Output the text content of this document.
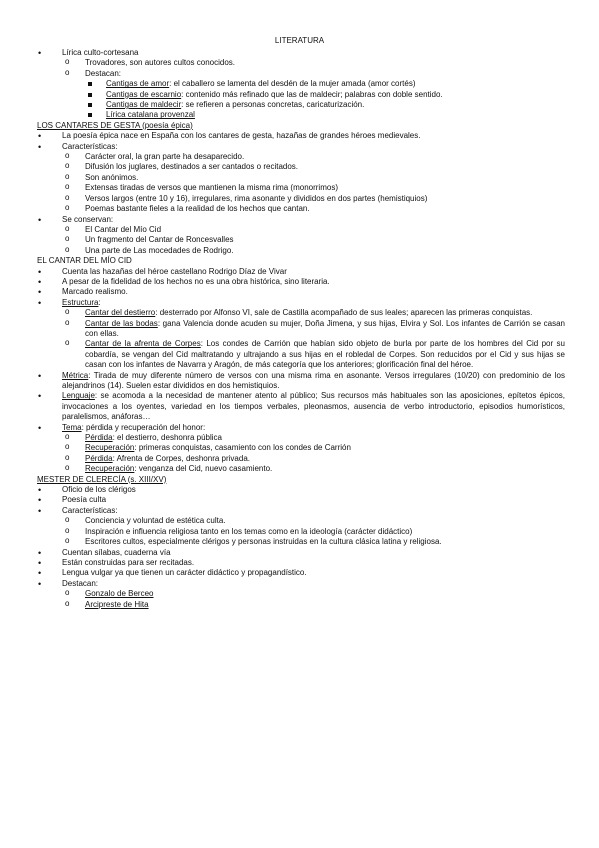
LITERATURA
• Lírica culto-cortesana
o Trovadores, son autores cultos conocidos.
o Destacan:
Cantigas de amor: el caballero se lamenta del desdén de la mujer amada (amor cortés)
Cantigas de escarnio: contenido más refinado que las de maldecir; palabras con doble sentido.
Cantigas de maldecir: se refieren a personas concretas, caricaturización.
Lírica catalana provenzal
LOS CANTARES DE GESTA (poesía épica)
• La poesía épica nace en España con los cantares de gesta, hazañas de grandes héroes medievales.
• Características:
o Carácter oral, la gran parte ha desaparecido.
o Difusión los juglares, destinados a ser cantados o recitados.
o Son anónimos.
o Extensas tiradas de versos que mantienen la misma rima (monorrimos)
o Versos largos (entre 10 y 16), irregulares, rima asonante y divididos en dos partes (hemistiquios)
o Poemas bastante fieles a la realidad de los hechos que cantan.
• Se conservan:
o El Cantar del Mío Cid
o Un fragmento del Cantar de Roncesvalles
o Una parte de Las mocedades de Rodrigo.
EL CANTAR DEL MÍO CID
• Cuenta las hazañas del héroe castellano Rodrigo Díaz de Vivar
• A pesar de la fidelidad de los hechos no es una obra histórica, sino literaria.
• Marcado realismo.
• Estructura:
o Cantar del destierro: desterrado por Alfonso VI, sale de Castilla acompañado de sus leales; aparecen las primeras conquistas.
o Cantar de las bodas: gana Valencia donde acuden su mujer, Doña Jimena, y sus hijas, Elvira y Sol. Los infantes de Carrión se casan con ellas.
o Cantar de la afrenta de Corpes: Los condes de Carrión que habían sido objeto de burla por parte de los hombres del Cid por su cobardía, se vengan del Cid maltratando y ultrajando a sus hijas en el robledal de Corpes. Son reducidos por el Cid y sus hijas se casan con los infantes de Navarra y Aragón, de más categoría que los anteriores; glorificación final del héroe.
• Métrica: Tirada de muy diferente número de versos con una misma rima en asonante. Versos irregulares (10/20) con predominio de los alejandrinos (14). Suelen estar divididos en dos hemistiquios.
• Lenguaje: se acomoda a la necesidad de mantener atento al público; Sus recursos más habituales son las aposiciones, epítetos épicos, invocaciones a los oyentes, variedad en los tiempos verbales, pleonasmos, ausencia de verbo introductorio, episodios humorísticos, paralelismos, anáforas…
• Tema: pérdida y recuperación del honor:
o Pérdida: el destierro, deshonra pública
o Recuperación: primeras conquistas, casamiento con los condes de Carrión
o Pérdida: Afrenta de Corpes, deshonra privada.
o Recuperación: venganza del Cid, nuevo casamiento.
MESTER DE CLERECÍA (s. XIII/XV)
• Oficio de los clérigos
• Poesía culta
• Características:
o Conciencia y voluntad de estética culta.
o Inspiración e influencia religiosa tanto en los temas como en la ideología (carácter didáctico)
o Escritores cultos, especialmente clérigos y personas instruidas en la cultura clásica latina y religiosa.
• Cuentan sílabas, cuaderna vía
• Están construidas para ser recitadas.
• Lengua vulgar ya que tienen un carácter didáctico y propagandístico.
• Destacan:
o Gonzalo de Berceo
o Arcipreste de Hita
